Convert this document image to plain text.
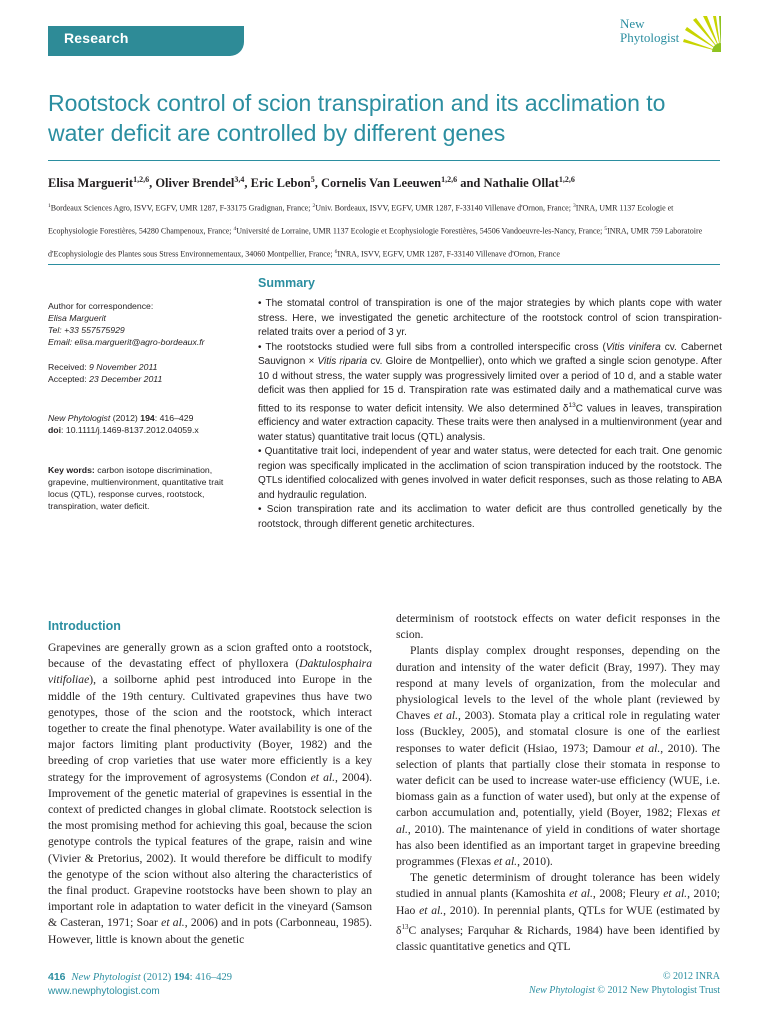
Research
New
Phytologist
Rootstock control of scion transpiration and its acclimation to
water deficit are controlled by different genes
Elisa Marguerit$^{1,2,6}$, Oliver Brendel$^{3,4}$, Eric Lebon$^5$, Cornelis Van Leeuwen$^{1,2,6}$ and Nathalie Ollat$^{1,2,6}$
$^1$Bordeaux Sciences Agro, ISVV, EGFV, UMR 1287, F-33175 Gradignan, France; $^2$Univ. Bordeaux, ISVV, EGFV, UMR 1287, F-33140 Villenave d'Ornon, France; $^3$INRA, UMR 1137 Ecologie et Ecophysiologie Forestières, 54280 Champenoux, France; $^4$Université de Lorraine, UMR 1137 Ecologie et Ecophysiologie Forestières, 54506 Vandoeuvre-les-Nancy, France; $^5$INRA, UMR 759 Laboratoire d'Ecophysiologie des Plantes sous Stress Environnementaux, 34060 Montpellier, France; $^6$INRA, ISVV, EGFV, UMR 1287, F-33140 Villenave d'Ornon, France
Summary
Author for correspondence:
Elisa Marguerit
Tel: +33 557575929
Email: elisa.marguerit@agro-bordeaux.fr
Received: 9 November 2011
Accepted: 23 December 2011
New Phytologist (2012) 194: 416–429
doi: 10.1111/j.1469-8137.2012.04059.x
Key words: carbon isotope discrimination, grapevine, multienvironment, quantitative trait locus (QTL), response curves, rootstock, transpiration, water deficit.

• The stomatal control of transpiration is one of the major strategies by which plants cope with water stress. Here, we investigated the genetic architecture of the rootstock control of scion transpiration-related traits over a period of 3 yr.

• The rootstocks studied were full sibs from a controlled interspecific cross (Vitis vinifera cv. Cabernet Sauvignon × Vitis riparia cv. Gloire de Montpellier), onto which we grafted a single scion genotype. After 10 d without stress, the water supply was progressively limited over a period of 10 d, and a stable water deficit was then applied for 15 d. Transpiration rate was estimated daily and a mathematical curve was fitted to its response to water deficit intensity. We also determined $\delta^{13}C$ values in leaves, transpiration efficiency and water extraction capacity. These traits were then analysed in a multienvironment (year and water status) quantitative trait locus (QTL) analysis.

• Quantitative trait loci, independent of year and water status, were detected for each trait. One genomic region was specifically implicated in the acclimation of scion transpiration induced by the rootstock. The QTLs identified colocalized with genes involved in water deficit responses, such as those relating to ABA and hydraulic regulation.

• Scion transpiration rate and its acclimation to water deficit are thus controlled genetically by the rootstock, through different genetic architectures.

Introduction

Grapevines are generally grown as a scion grafted onto a rootstock, because of the devastating effect of phylloxera (Daktulosphaira vitifoliae), a soilborne aphid pest introduced into Europe in the middle of the 19th century. Cultivated grapevines thus have two genotypes, those of the scion and the rootstock, which interact together to create the final phenotype. Water availability is one of the major factors limiting plant productivity (Boyer, 1982) and the breeding of crop varieties that use water more efficiently is a key strategy for the improvement of agrosystems (Condon et al., 2004). Improvement of the genetic material of grapevines is essential in the context of predicted changes in global climate. Rootstock selection is the most promising method for achieving this goal, because the scion genotype controls the typical features of the grape, raisin and wine (Vivier & Pretorius, 2002). It would therefore be difficult to modify the genotype of the scion without also altering the characteristics of the final product. Grapevine rootstocks have been shown to play an important role in adaptation to water deficit in the vineyard (Samson & Casteran, 1971; Soar et al., 2006) and in pots (Carbonneau, 1985). However, little is known about the genetic

determinism of rootstock effects on water deficit responses in the scion.

Plants display complex drought responses, depending on the duration and intensity of the water deficit (Bray, 1997). They may respond at many levels of organization, from the molecular and physiological levels to the level of the whole plant (reviewed by Chaves et al., 2003). Stomata play a critical role in regulating water loss (Buckley, 2005), and stomatal closure is one of the earliest responses to water deficit (Hsiao, 1973; Damour et al., 2010). The selection of plants that partially close their stomata in response to water deficit can be used to increase water-use efficiency (WUE, i.e. biomass gain as a function of water used), but only at the expense of carbon accumulation and, potentially, yield (Boyer, 1982; Flexas et al., 2010). The maintenance of yield in conditions of water shortage has also been identified as an important target in grapevine breeding programmes (Flexas et al., 2010).

The genetic determinism of drought tolerance has been widely studied in annual plants (Kamoshita et al., 2008; Fleury et al., 2010; Hao et al., 2010). In perennial plants, QTLs for WUE (estimated by $\delta^{13}C$ analyses; Farquhar & Richards, 1984) have been identified by classic quantitative genetics and QTL

416 New Phytologist (2012) 194: 416–429
www.newphytologist.com
© 2012 INRA
New Phytologist © 2012 New Phytologist Trust
